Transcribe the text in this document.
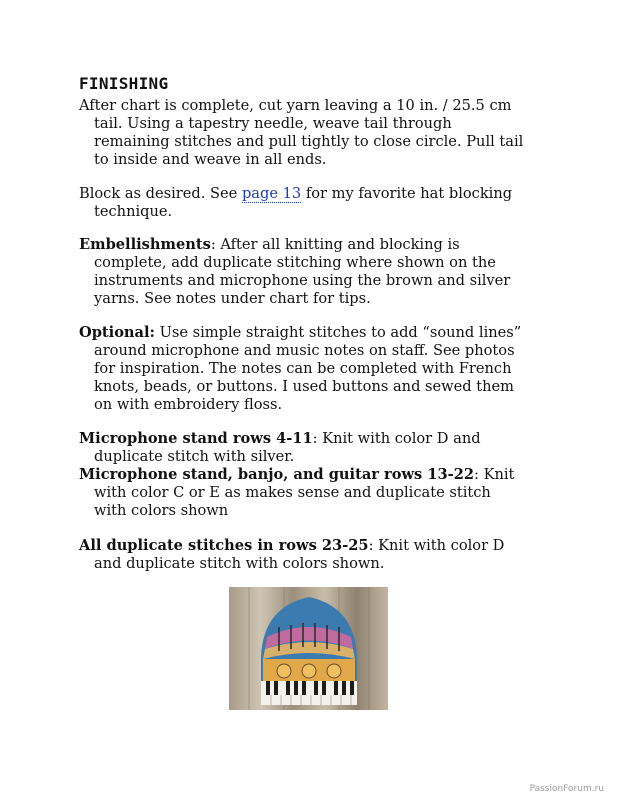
FINISHING
After chart is complete, cut yarn leaving a 10 in. / 25.5 cm
tail. Using a tapestry needle, weave tail through
remaining stitches and pull tightly to close circle. Pull tail
to inside and weave in all ends.
Block as desired. See page 13 for my favorite hat blocking
technique.
Embellishments: After all knitting and blocking is
complete, add duplicate stitching where shown on the
instruments and microphone using the brown and silver
yarns. See notes under chart for tips.
Optional: Use simple straight stitches to add “sound lines”
around microphone and music notes on staff. See photos
for inspiration. The notes can be completed with French
knots, beads, or buttons. I used buttons and sewed them
on with embroidery floss.
Microphone stand rows 4-11: Knit with color D and
duplicate stitch with silver.
Microphone stand, banjo, and guitar rows 13-22: Knit
with color C or E as makes sense and duplicate stitch
with colors shown
All duplicate stitches in rows 23-25: Knit with color D
and duplicate stitch with colors shown.
PassionForum.ru
